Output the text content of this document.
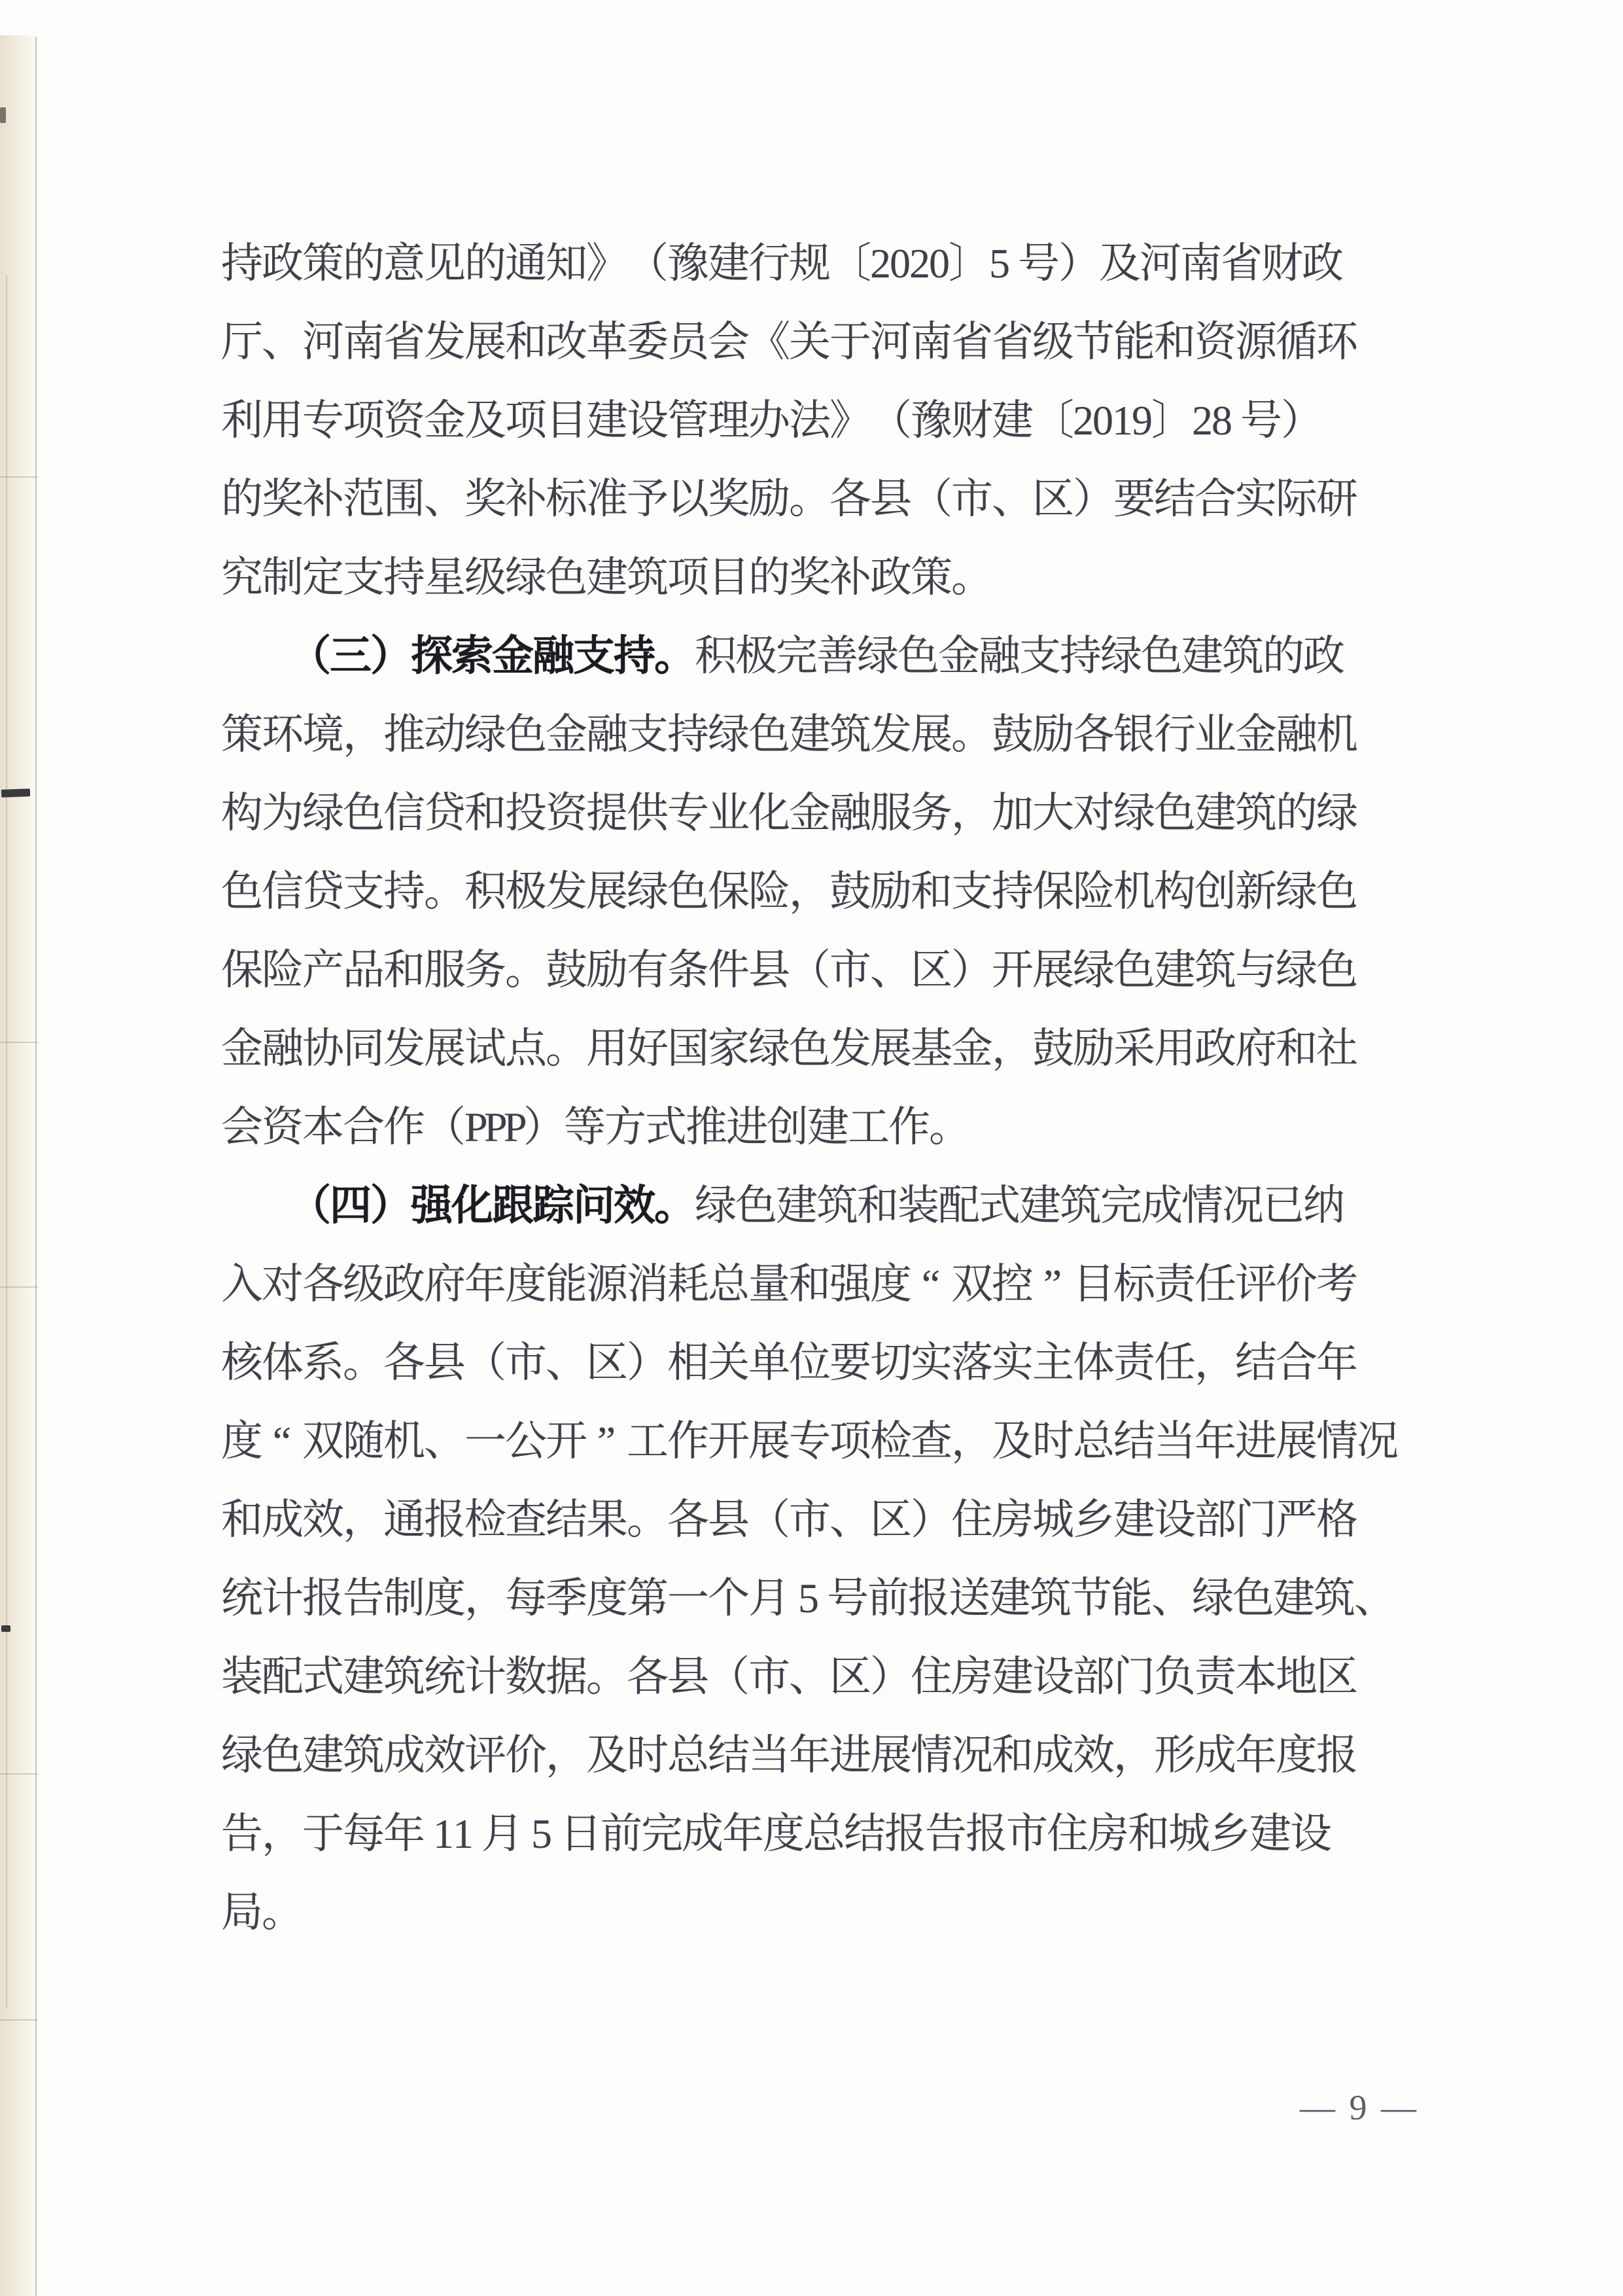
持政策的意见的通知》（豫建行规〔2020〕5 号）及河南省财政
厅、河南省发展和改革委员会《关于河南省省级节能和资源循环
利用专项资金及项目建设管理办法》（豫财建〔2019〕28 号）
的奖补范围、奖补标准予以奖励。各县（市、区）要结合实际研
究制定支持星级绿色建筑项目的奖补政策。
（三）探索金融支持。积极完善绿色金融支持绿色建筑的政
策环境，推动绿色金融支持绿色建筑发展。鼓励各银行业金融机
构为绿色信贷和投资提供专业化金融服务，加大对绿色建筑的绿
色信贷支持。积极发展绿色保险，鼓励和支持保险机构创新绿色
保险产品和服务。鼓励有条件县（市、区）开展绿色建筑与绿色
金融协同发展试点。用好国家绿色发展基金，鼓励采用政府和社
会资本合作（PPP）等方式推进创建工作。
（四）强化跟踪问效。绿色建筑和装配式建筑完成情况已纳
入对各级政府年度能源消耗总量和强度 “ 双控 ” 目标责任评价考
核体系。各县（市、区）相关单位要切实落实主体责任，结合年
度 “ 双随机、一公开 ” 工作开展专项检查，及时总结当年进展情况
和成效，通报检查结果。各县（市、区）住房城乡建设部门严格
统计报告制度，每季度第一个月 5 号前报送建筑节能、绿色建筑、
装配式建筑统计数据。各县（市、区）住房建设部门负责本地区
绿色建筑成效评价，及时总结当年进展情况和成效，形成年度报
告，于每年 11 月 5 日前完成年度总结报告报市住房和城乡建设
局。
— 9 —
